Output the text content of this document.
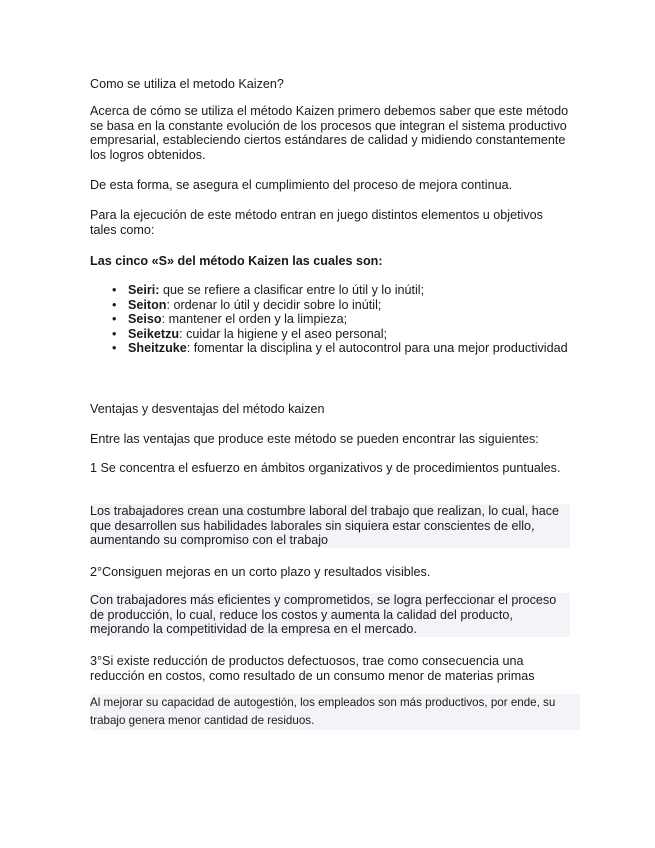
Como se utiliza el metodo Kaizen?

Acerca de cómo se utiliza el método Kaizen primero debemos saber que este método se basa en la constante evolución de los procesos que integran el sistema productivo empresarial, estableciendo ciertos estándares de calidad y midiendo constantemente los logros obtenidos.

De esta forma, se asegura el cumplimiento del proceso de mejora continua.

Para la ejecución de este método entran en juego distintos elementos u objetivos tales como:

Las cinco «S» del método Kaizen las cuales son:

• Seiri: que se refiere a clasificar entre lo útil y lo inútil;
• Seiton: ordenar lo útil y decidir sobre lo inútil;
• Seiso: mantener el orden y la limpieza;
• Seiketzu: cuidar la higiene y el aseo personal;
• Sheitzuke: fomentar la disciplina y el autocontrol para una mejor productividad

Ventajas y desventajas del método kaizen

Entre las ventajas que produce este método se pueden encontrar las siguientes:

1 Se concentra el esfuerzo en ámbitos organizativos y de procedimientos puntuales.

Los trabajadores crean una costumbre laboral del trabajo que realizan, lo cual, hace que desarrollen sus habilidades laborales sin siquiera estar conscientes de ello, aumentando su compromiso con el trabajo

2°Consiguen mejoras en un corto plazo y resultados visibles.

Con trabajadores más eficientes y comprometidos, se logra perfeccionar el proceso de producción, lo cual, reduce los costos y aumenta la calidad del producto, mejorando la competitividad de la empresa en el mercado.

3°Si existe reducción de productos defectuosos, trae como consecuencia una reducción en costos, como resultado de un consumo menor de materias primas

Al mejorar su capacidad de autogestión, los empleados son más productivos, por ende, su trabajo genera menor cantidad de residuos.
